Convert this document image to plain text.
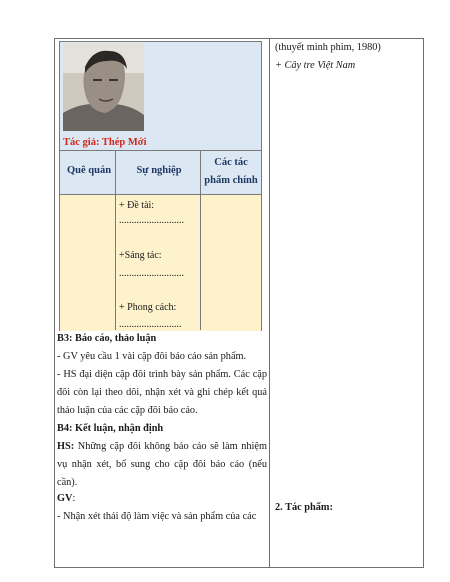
Tác giả: Thép Mới
Quê quán	Sự nghiệp
Các tác phẩm chính
+ Đề tài:
..........................
+Sáng tác:
..........................
+ Phong cách:
.........................
B3: Báo cáo, thảo luận
- GV yêu cầu 1 vài cặp đôi báo cáo sản phẩm.
- HS đại diện cặp đôi trình bày sản phẩm. Các cặp đôi còn lại theo dõi, nhận xét và ghi chép kết quả thảo luận của các cặp đôi báo cáo.
B4: Kết luận, nhận định
HS: Những cặp đôi không báo cáo sẽ làm nhiệm vụ nhận xét, bổ sung cho cặp đôi báo cáo (nếu cần).
GV:
- Nhận xét thái độ làm việc và sản phẩm của các
(thuyết minh phim, 1980)
+ Cây tre Việt Nam
2. Tác phẩm:
